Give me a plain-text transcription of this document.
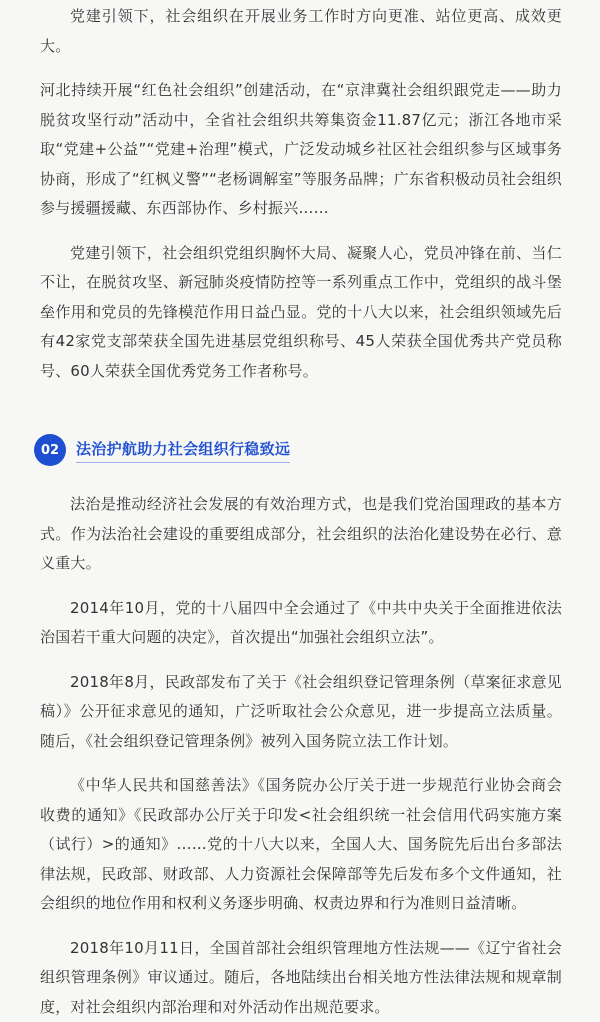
党建引领下，社会组织在开展业务工作时方向更准、站位更高、成效更大。

河北持续开展“红色社会组织”创建活动，在“京津冀社会组织跟党走——助力脱贫攻坚行动”活动中，全省社会组织共筹集资金11.87亿元；浙江各地市采取“党建+公益”“党建+治理”模式，广泛发动城乡社区社会组织参与区域事务协商，形成了“红枫义警”“老杨调解室”等服务品牌；广东省积极动员社会组织参与援疆援藏、东西部协作、乡村振兴……

党建引领下，社会组织党组织胸怀大局、凝聚人心，党员冲锋在前、当仁不让，在脱贫攻坚、新冠肺炎疫情防控等一系列重点工作中，党组织的战斗堡垒作用和党员的先锋模范作用日益凸显。党的十八大以来，社会组织领域先后有42家党支部荣获全国先进基层党组织称号、45人荣获全国优秀共产党员称号、60人荣获全国优秀党务工作者称号。

02	法治护航助力社会组织行稳致远

法治是推动经济社会发展的有效治理方式，也是我们党治国理政的基本方式。作为法治社会建设的重要组成部分，社会组织的法治化建设势在必行、意义重大。

2014年10月，党的十八届四中全会通过了《中共中央关于全面推进依法治国若干重大问题的决定》，首次提出“加强社会组织立法”。

2018年8月，民政部发布了关于《社会组织登记管理条例（草案征求意见稿）》公开征求意见的通知，广泛听取社会公众意见，进一步提高立法质量。随后，《社会组织登记管理条例》被列入国务院立法工作计划。

《中华人民共和国慈善法》《国务院办公厅关于进一步规范行业协会商会收费的通知》《民政部办公厅关于印发<社会组织统一社会信用代码实施方案（试行）>的通知》……党的十八大以来，全国人大、国务院先后出台多部法律法规，民政部、财政部、人力资源社会保障部等先后发布多个文件通知，社会组织的地位作用和权利义务逐步明确、权责边界和行为准则日益清晰。

2018年10月11日，全国首部社会组织管理地方性法规——《辽宁省社会组织管理条例》审议通过。随后，各地陆续出台相关地方性法律法规和规章制度，对社会组织内部治理和对外活动作出规范要求。
